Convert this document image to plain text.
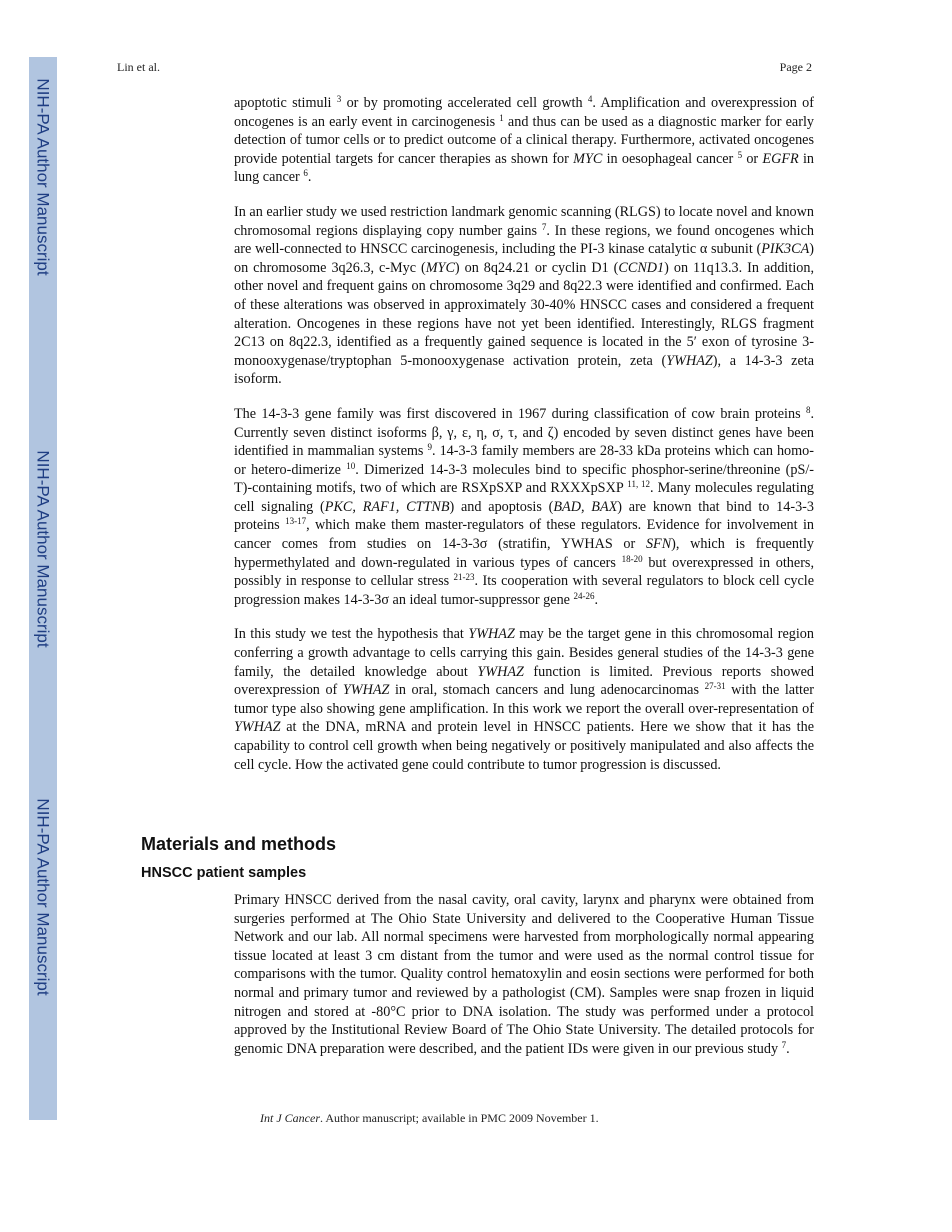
NIH-PA Author Manuscript
NIH-PA Author Manuscript
NIH-PA Author Manuscript
Lin et al.	Page 2

apoptotic stimuli $^3$ or by promoting accelerated cell growth $^4$. Amplification and overexpression of oncogenes is an early event in carcinogenesis $^1$ and thus can be used as a diagnostic marker for early detection of tumor cells or to predict outcome of a clinical therapy. Furthermore, activated oncogenes provide potential targets for cancer therapies as shown for MYC in oesophageal cancer $^5$ or EGFR in lung cancer $^6$.

In an earlier study we used restriction landmark genomic scanning (RLGS) to locate novel and known chromosomal regions displaying copy number gains $^7$. In these regions, we found oncogenes which are well-connected to HNSCC carcinogenesis, including the PI-3 kinase catalytic α subunit (PIK3CA) on chromosome 3q26.3, c-Myc (MYC) on 8q24.21 or cyclin D1 (CCND1) on 11q13.3. In addition, other novel and frequent gains on chromosome 3q29 and 8q22.3 were identified and confirmed. Each of these alterations was observed in approximately 30-40% HNSCC cases and considered a frequent alteration. Oncogenes in these regions have not yet been identified. Interestingly, RLGS fragment 2C13 on 8q22.3, identified as a frequently gained sequence is located in the 5′ exon of tyrosine 3-monooxygenase/tryptophan 5-monooxygenase activation protein, zeta (YWHAZ), a 14-3-3 zeta isoform.

The 14-3-3 gene family was first discovered in 1967 during classification of cow brain proteins $^8$. Currently seven distinct isoforms β, γ, ε, η, σ, τ, and ζ) encoded by seven distinct genes have been identified in mammalian systems $^9$. 14-3-3 family members are 28-33 kDa proteins which can homo- or hetero-dimerize $^{10}$. Dimerized 14-3-3 molecules bind to specific phosphor-serine/threonine (pS/-T)-containing motifs, two of which are RSXpSXP and RXXXpSXP $^{11, 12}$. Many molecules regulating cell signaling (PKC, RAF1, CTTNB) and apoptosis (BAD, BAX) are known that bind to 14-3-3 proteins $^{13-17}$, which make them master-regulators of these regulators. Evidence for involvement in cancer comes from studies on 14-3-3σ (stratifin, YWHAS or SFN), which is frequently hypermethylated and down-regulated in various types of cancers $^{18-20}$ but overexpressed in others, possibly in response to cellular stress $^{21-23}$. Its cooperation with several regulators to block cell cycle progression makes 14-3-3σ an ideal tumor-suppressor gene $^{24-26}$.

In this study we test the hypothesis that YWHAZ may be the target gene in this chromosomal region conferring a growth advantage to cells carrying this gain. Besides general studies of the 14-3-3 gene family, the detailed knowledge about YWHAZ function is limited. Previous reports showed overexpression of YWHAZ in oral, stomach cancers and lung adenocarcinomas $^{27-31}$ with the latter tumor type also showing gene amplification. In this work we report the overall over-representation of YWHAZ at the DNA, mRNA and protein level in HNSCC patients. Here we show that it has the capability to control cell growth when being negatively or positively manipulated and also affects the cell cycle. How the activated gene could contribute to tumor progression is discussed.

Materials and methods
HNSCC patient samples

Primary HNSCC derived from the nasal cavity, oral cavity, larynx and pharynx were obtained from surgeries performed at The Ohio State University and delivered to the Cooperative Human Tissue Network and our lab. All normal specimens were harvested from morphologically normal appearing tissue located at least 3 cm distant from the tumor and were used as the normal control tissue for comparisons with the tumor. Quality control hematoxylin and eosin sections were performed for both normal and primary tumor and reviewed by a pathologist (CM). Samples were snap frozen in liquid nitrogen and stored at -80°C prior to DNA isolation. The study was performed under a protocol approved by the Institutional Review Board of The Ohio State University. The detailed protocols for genomic DNA preparation were described, and the patient IDs were given in our previous study $^7$.

Int J Cancer. Author manuscript; available in PMC 2009 November 1.
